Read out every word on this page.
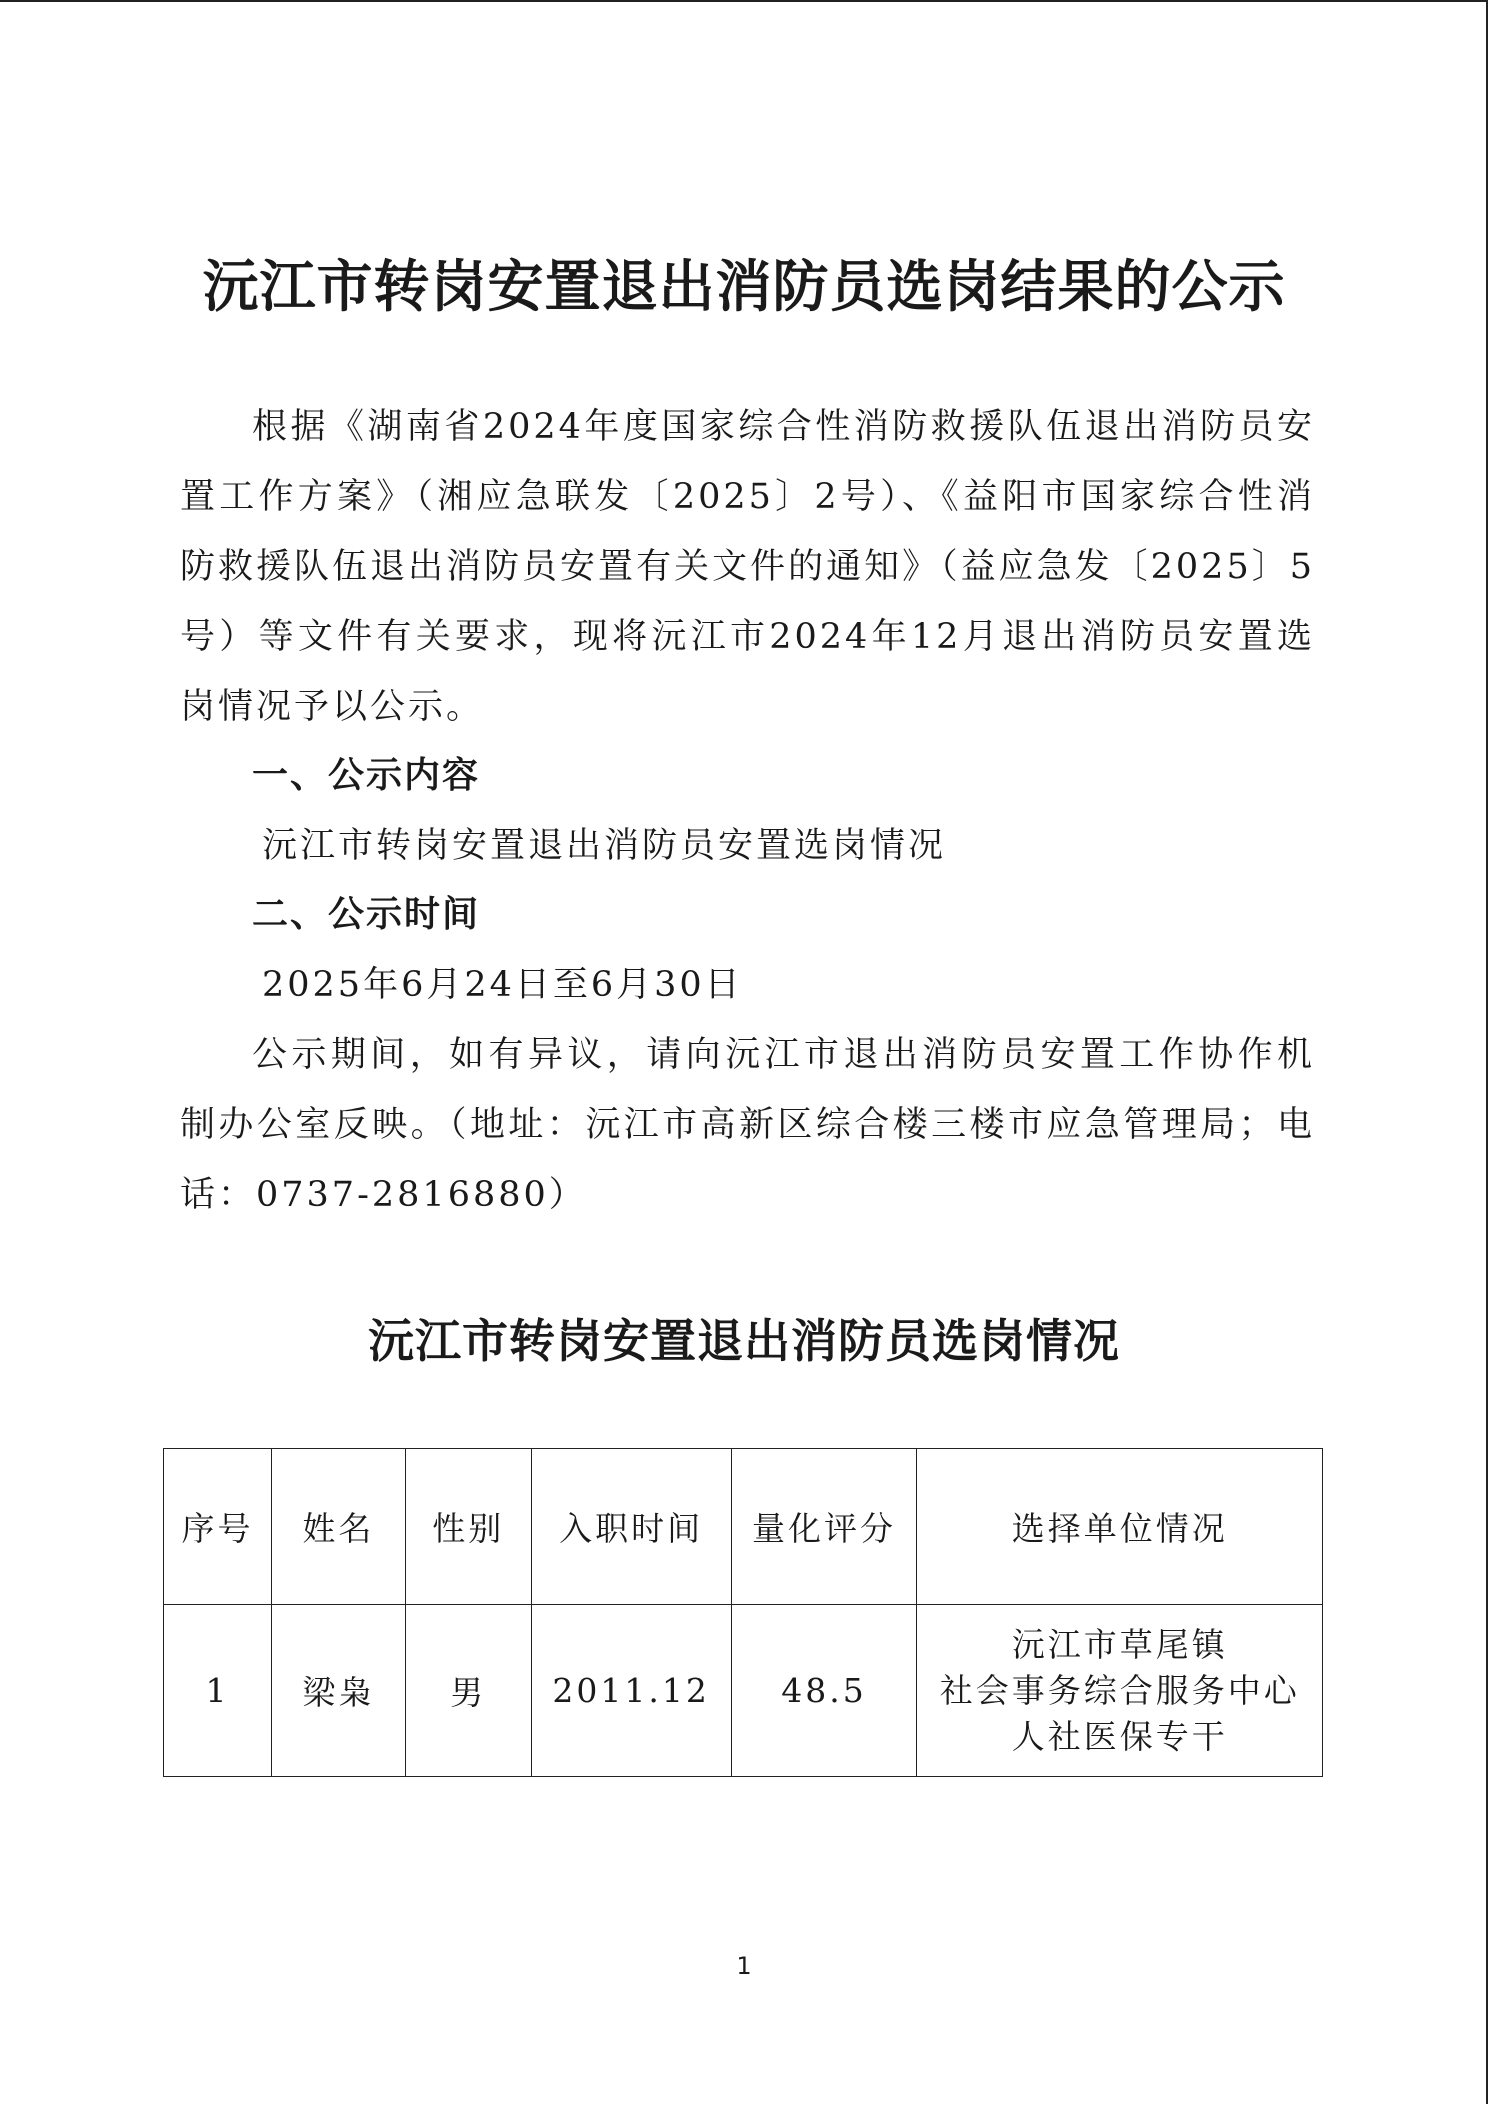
沅江市转岗安置退出消防员选岗结果的公示
根据《湖南省2024年度国家综合性消防救援队伍退出消防员安置工作方案》（湘应急联发〔2025〕2号）、《益阳市国家综合性消防救援队伍退出消防员安置有关文件的通知》（益应急发〔2025〕5号）等文件有关要求，现将沅江市2024年12月退出消防员安置选岗情况予以公示。
一、公示内容
沅江市转岗安置退出消防员安置选岗情况
二、公示时间
2025年6月24日至6月30日
公示期间，如有异议，请向沅江市退出消防员安置工作协作机制办公室反映。（地址：沅江市高新区综合楼三楼市应急管理局；电话：0737-2816880）
沅江市转岗安置退出消防员选岗情况
序号	姓名	性别	入职时间	量化评分	选择单位情况
1	梁枭	男	2011.12	48.5	沅江市草尾镇
社会事务综合服务中心
人社医保专干
1
